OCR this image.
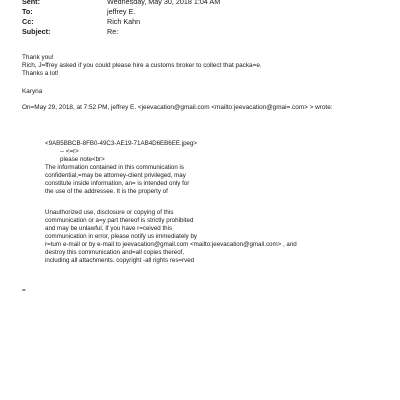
Sent:	Wednesday, May 30, 2018 1:04 AM
To:	jeffrey E.
Cc:	Rich Kahn
Subject:	Re:
Thank you!
Rich, J=ffrey asked if you could please hire a customs broker to collect that packa=e.
Thanks a lot!
Karyna
On=May 29, 2018, at 7:52 PM, jeffrey E. <jeevacation@gmail.com <mailto:jeevacation@gmai=.com> > wrote:
<9AB5BBCB-8FB0-49C3-AE19-71AB4D6EB6EE.jpeg>
-- <=r>
please note<br>
The information contained in this communication is
confidential,=may be attorney-client privileged, may
constitute inside information, an= is intended only for
the use of the addressee. It is the property of
Unauthorized use, disclosure or copying of this
communication or a=y part thereof is strictly prohibited
and may be unlawful. If you have r=ceived this
communication in error, please notify us immediately by
r=turn e-mail or by e-mail to jeevacation@gmail.com <mailto:jeevacation@gmail.com> , and
destroy this communication and=all copies thereof,
including all attachments. copyright -all rights res=rved
=
